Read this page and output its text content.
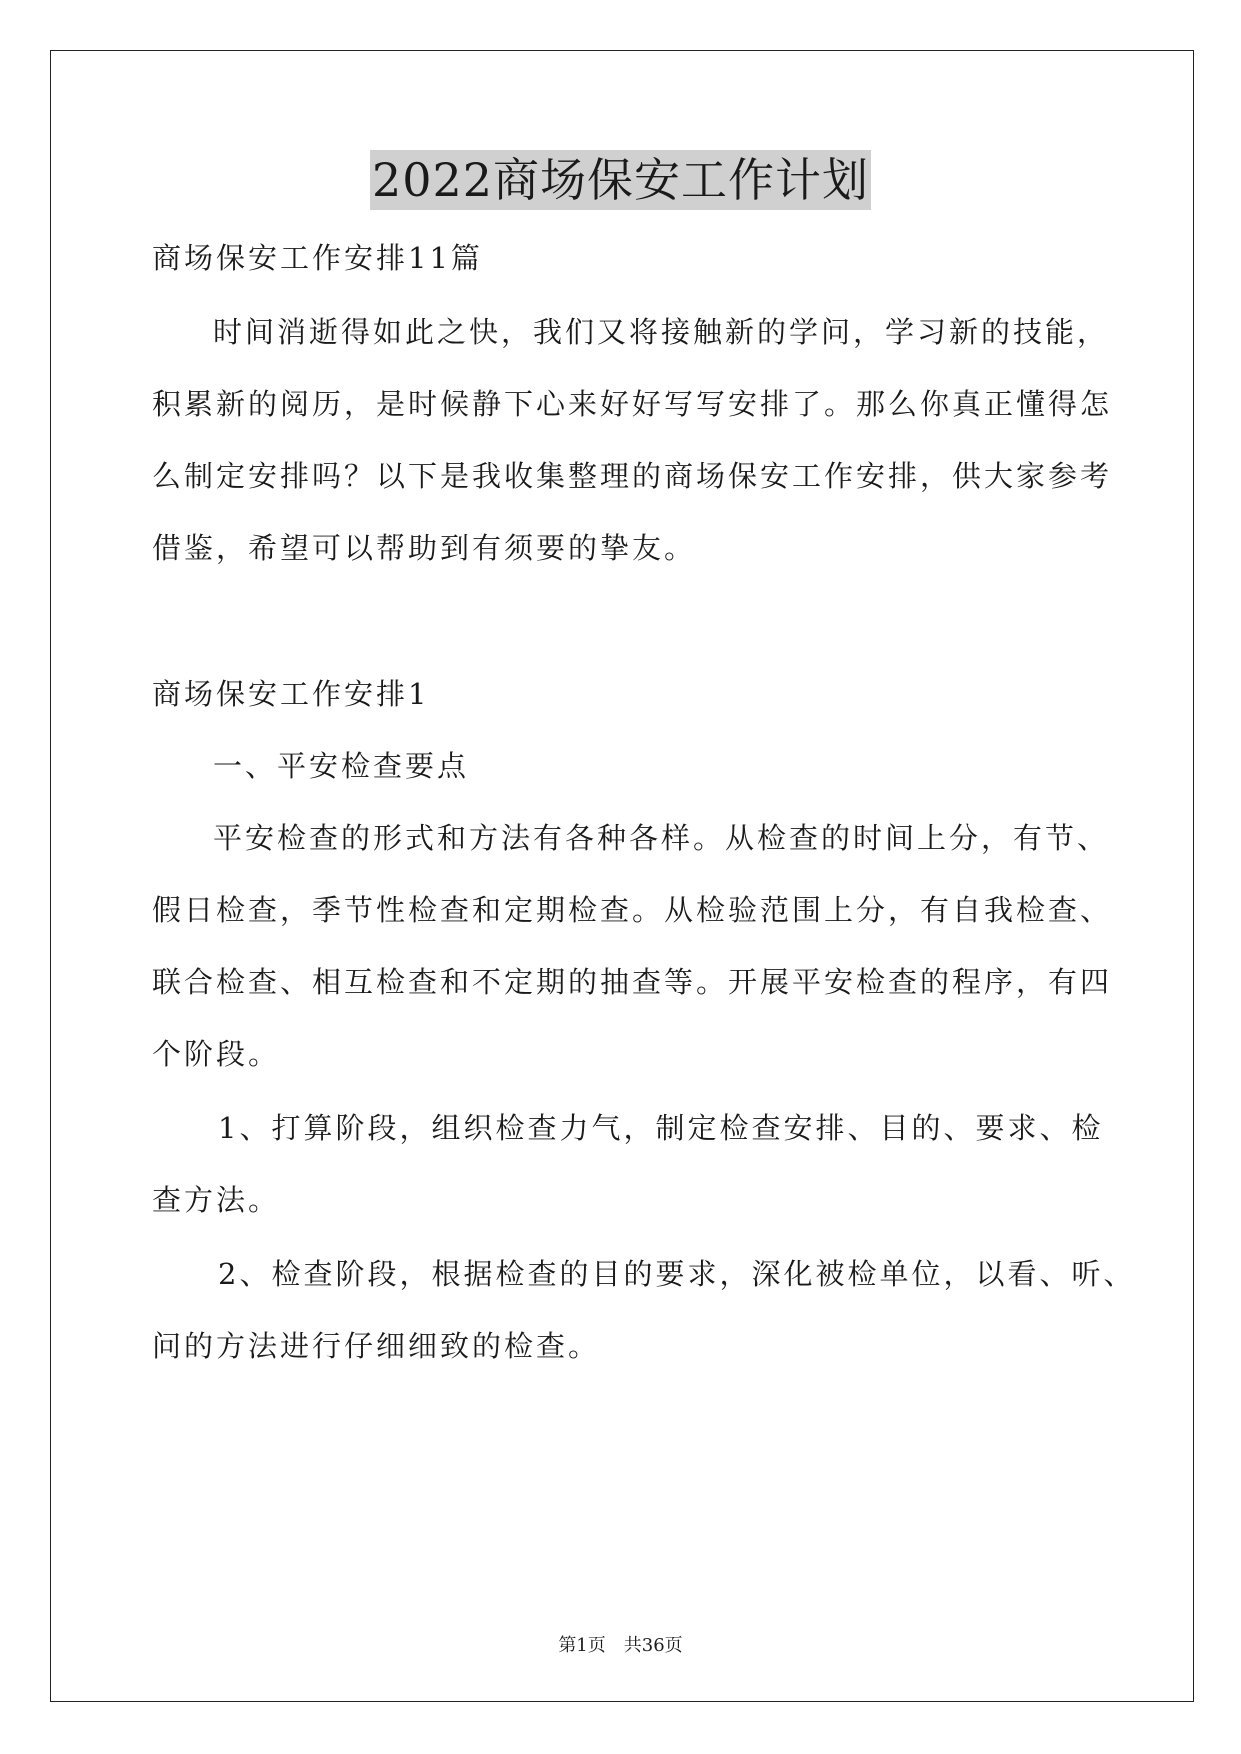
2022商场保安工作计划
商场保安工作安排11篇
时间消逝得如此之快，我们又将接触新的学问，学习新的技能，
积累新的阅历，是时候静下心来好好写写安排了。那么你真正懂得怎
么制定安排吗？以下是我收集整理的商场保安工作安排，供大家参考
借鉴，希望可以帮助到有须要的挚友。
商场保安工作安排1
一、平安检查要点
平安检查的形式和方法有各种各样。从检查的时间上分，有节、
假日检查，季节性检查和定期检查。从检验范围上分，有自我检查、
联合检查、相互检查和不定期的抽查等。开展平安检查的程序，有四
个阶段。
1、打算阶段，组织检查力气，制定检查安排、目的、要求、检
查方法。
2、检查阶段，根据检查的目的要求，深化被检单位，以看、听、
问的方法进行仔细细致的检查。
第1页　共36页
